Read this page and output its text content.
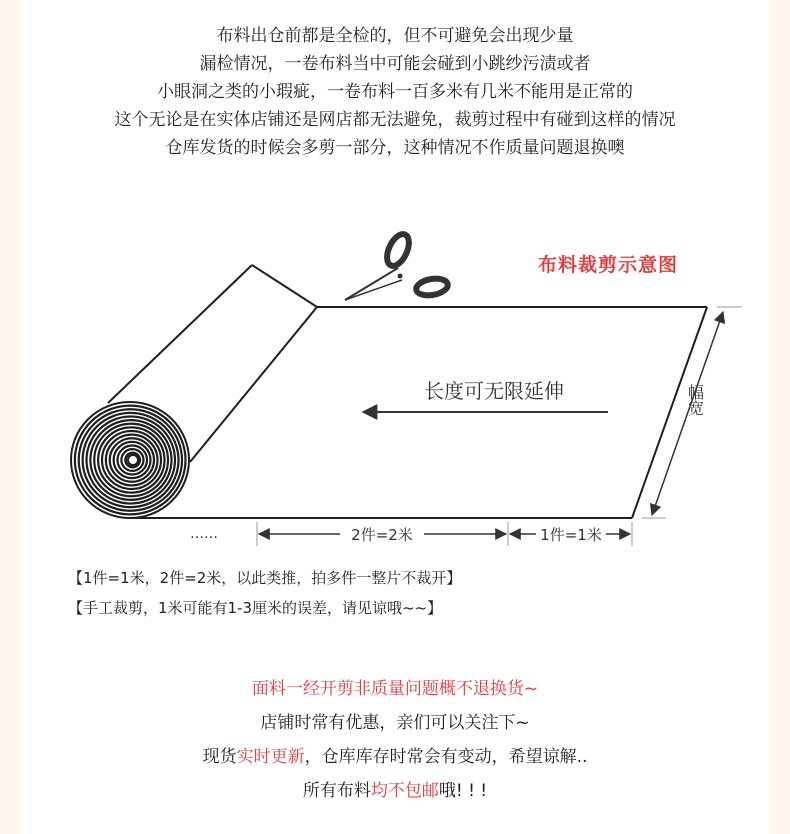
布料出仓前都是全检的，但不可避免会出现少量
漏检情况，一卷布料当中可能会碰到小跳纱污渍或者
小眼洞之类的小瑕疵，一卷布料一百多米有几米不能用是正常的
这个无论是在实体店铺还是网店都无法避免，裁剪过程中有碰到这样的情况
仓库发货的时候会多剪一部分，这种情况不作质量问题退换噢
布料裁剪示意图
长度可无限延伸	幅宽
……	2件=2米	1件=1米
【1件=1米，2件=2米，以此类推，拍多件一整片不裁开】
【手工裁剪，1米可能有1-3厘米的误差，请见谅哦~~】
面料一经开剪非质量问题概不退换货~
店铺时常有优惠，亲们可以关注下~
现货实时更新，仓库库存时常会有变动，希望谅解..
所有布料均不包邮哦! ! !
